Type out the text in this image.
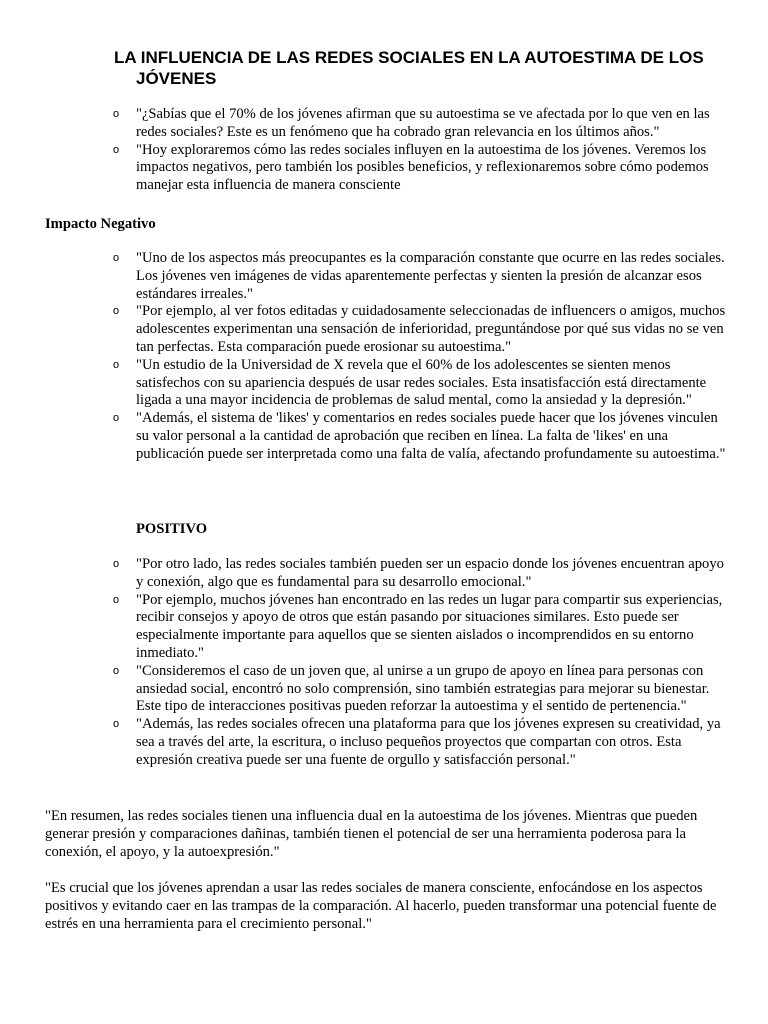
LA INFLUENCIA DE LAS REDES SOCIALES EN LA AUTOESTIMA DE LOS JÓVENES
o "¿Sabías que el 70% de los jóvenes afirman que su autoestima se ve afectada por lo que ven en las redes sociales? Este es un fenómeno que ha cobrado gran relevancia en los últimos años."
o "Hoy exploraremos cómo las redes sociales influyen en la autoestima de los jóvenes. Veremos los impactos negativos, pero también los posibles beneficios, y reflexionaremos sobre cómo podemos manejar esta influencia de manera consciente
Impacto Negativo
o "Uno de los aspectos más preocupantes es la comparación constante que ocurre en las redes sociales. Los jóvenes ven imágenes de vidas aparentemente perfectas y sienten la presión de alcanzar esos estándares irreales."
o "Por ejemplo, al ver fotos editadas y cuidadosamente seleccionadas de influencers o amigos, muchos adolescentes experimentan una sensación de inferioridad, preguntándose por qué sus vidas no se ven tan perfectas. Esta comparación puede erosionar su autoestima."
o "Un estudio de la Universidad de X revela que el 60% de los adolescentes se sienten menos satisfechos con su apariencia después de usar redes sociales. Esta insatisfacción está directamente ligada a una mayor incidencia de problemas de salud mental, como la ansiedad y la depresión."
o "Además, el sistema de 'likes' y comentarios en redes sociales puede hacer que los jóvenes vinculen su valor personal a la cantidad de aprobación que reciben en línea. La falta de 'likes' en una publicación puede ser interpretada como una falta de valía, afectando profundamente su autoestima."
POSITIVO
o "Por otro lado, las redes sociales también pueden ser un espacio donde los jóvenes encuentran apoyo y conexión, algo que es fundamental para su desarrollo emocional."
o "Por ejemplo, muchos jóvenes han encontrado en las redes un lugar para compartir sus experiencias, recibir consejos y apoyo de otros que están pasando por situaciones similares. Esto puede ser especialmente importante para aquellos que se sienten aislados o incomprendidos en su entorno inmediato."
o "Consideremos el caso de un joven que, al unirse a un grupo de apoyo en línea para personas con ansiedad social, encontró no solo comprensión, sino también estrategias para mejorar su bienestar. Este tipo de interacciones positivas pueden reforzar la autoestima y el sentido de pertenencia."
o "Además, las redes sociales ofrecen una plataforma para que los jóvenes expresen su creatividad, ya sea a través del arte, la escritura, o incluso pequeños proyectos que compartan con otros. Esta expresión creativa puede ser una fuente de orgullo y satisfacción personal."

"En resumen, las redes sociales tienen una influencia dual en la autoestima de los jóvenes. Mientras que pueden generar presión y comparaciones dañinas, también tienen el potencial de ser una herramienta poderosa para la conexión, el apoyo, y la autoexpresión."

"Es crucial que los jóvenes aprendan a usar las redes sociales de manera consciente, enfocándose en los aspectos positivos y evitando caer en las trampas de la comparación. Al hacerlo, pueden transformar una potencial fuente de estrés en una herramienta para el crecimiento personal."
